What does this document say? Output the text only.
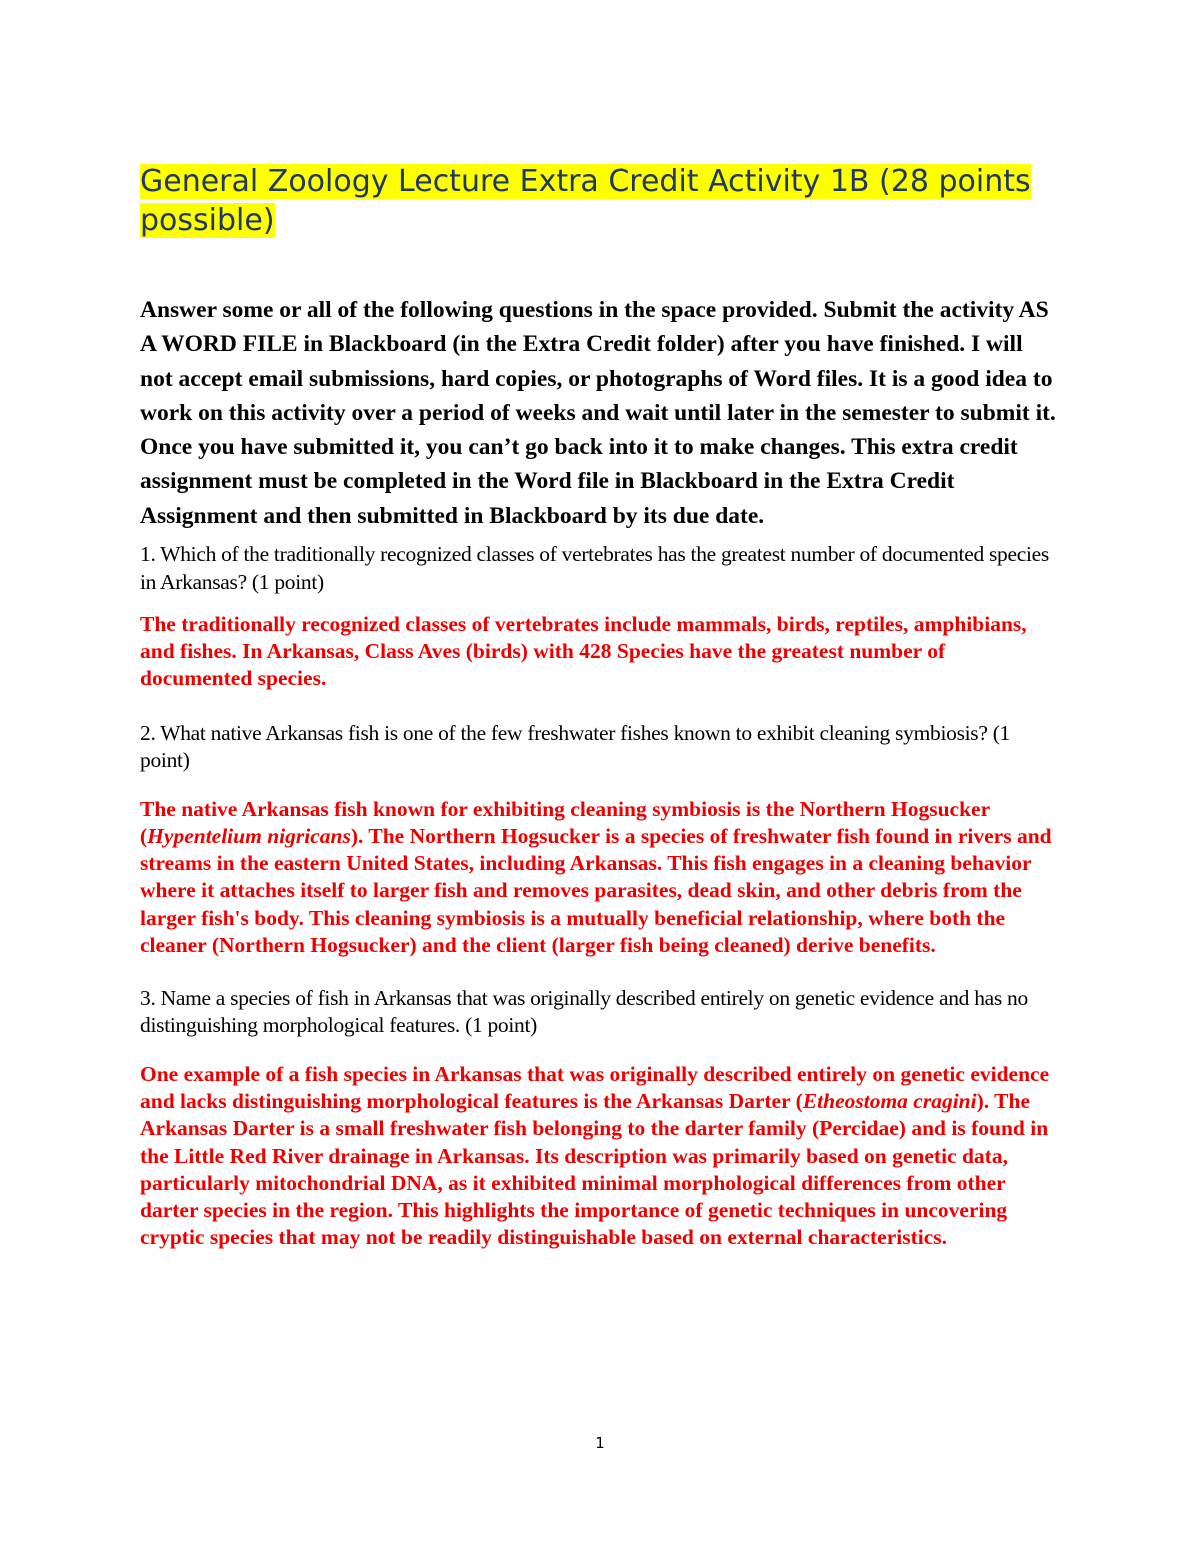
General Zoology Lecture Extra Credit Activity 1B (28 points possible)

Answer some or all of the following questions in the space provided. Submit the activity AS A WORD FILE in Blackboard (in the Extra Credit folder) after you have finished. I will not accept email submissions, hard copies, or photographs of Word files. It is a good idea to work on this activity over a period of weeks and wait until later in the semester to submit it. Once you have submitted it, you can’t go back into it to make changes. This extra credit assignment must be completed in the Word file in Blackboard in the Extra Credit Assignment and then submitted in Blackboard by its due date.

1. Which of the traditionally recognized classes of vertebrates has the greatest number of documented species in Arkansas? (1 point)

The traditionally recognized classes of vertebrates include mammals, birds, reptiles, amphibians, and fishes. In Arkansas, Class Aves (birds) with 428 Species have the greatest number of documented species.

2. What native Arkansas fish is one of the few freshwater fishes known to exhibit cleaning symbiosis? (1 point)

The native Arkansas fish known for exhibiting cleaning symbiosis is the Northern Hogsucker (Hypentelium nigricans). The Northern Hogsucker is a species of freshwater fish found in rivers and streams in the eastern United States, including Arkansas. This fish engages in a cleaning behavior where it attaches itself to larger fish and removes parasites, dead skin, and other debris from the larger fish's body. This cleaning symbiosis is a mutually beneficial relationship, where both the cleaner (Northern Hogsucker) and the client (larger fish being cleaned) derive benefits.

3. Name a species of fish in Arkansas that was originally described entirely on genetic evidence and has no distinguishing morphological features. (1 point)

One example of a fish species in Arkansas that was originally described entirely on genetic evidence and lacks distinguishing morphological features is the Arkansas Darter (Etheostoma cragini). The Arkansas Darter is a small freshwater fish belonging to the darter family (Percidae) and is found in the Little Red River drainage in Arkansas. Its description was primarily based on genetic data, particularly mitochondrial DNA, as it exhibited minimal morphological differences from other darter species in the region. This highlights the importance of genetic techniques in uncovering cryptic species that may not be readily distinguishable based on external characteristics.

1
